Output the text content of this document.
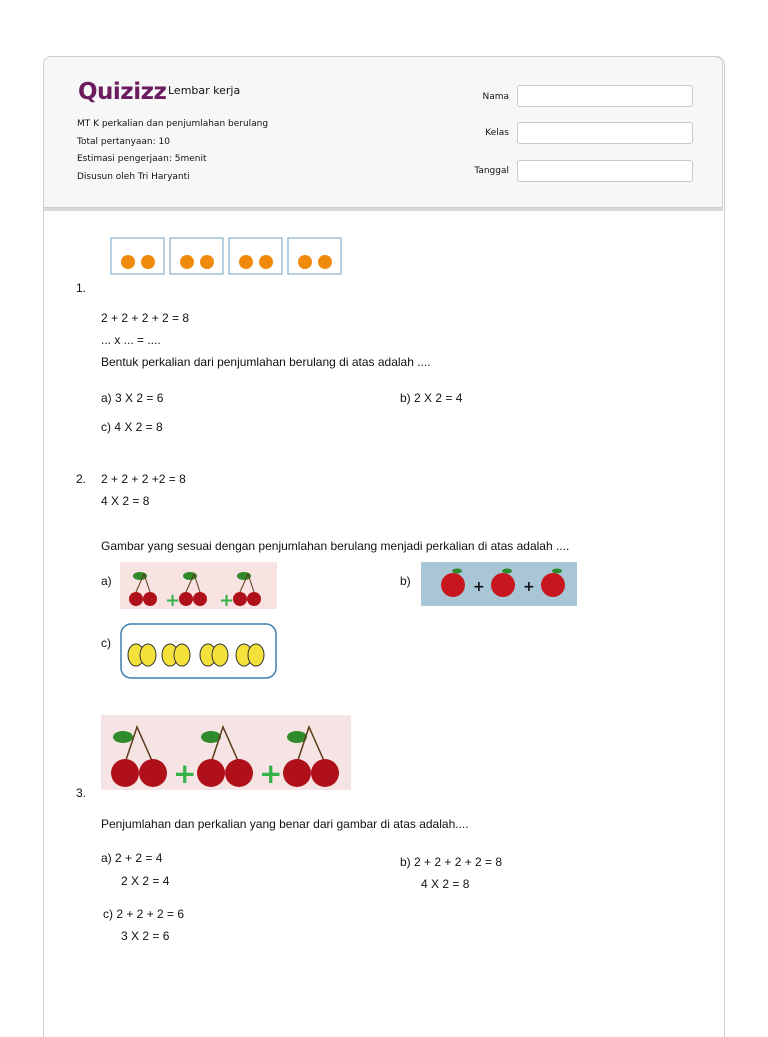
Quizizz Lembar kerja
MT K perkalian dan penjumlahan berulang
Total pertanyaan: 10
Estimasi pengerjaan: 5menit
Disusun oleh Tri Haryanti
Nama
Kelas
Tanggal
1.
2 + 2 + 2 + 2 = 8
... x ... = ....
Bentuk perkalian dari penjumlahan berulang di atas adalah ....
a) 3 X 2 = 6	b) 2 X 2 = 4
c) 4 X 2 = 8
2. 2 + 2 + 2 +2 = 8
4 X 2 = 8
Gambar yang sesuai dengan penjumlahan berulang menjadi perkalian di atas adalah ....
a)
+ +
b)	+	+
c)
+ +
3.
Penjumlahan dan perkalian yang benar dari gambar di atas adalah....
a) 2 + 2 = 4
2 X 2 = 4
b) 2 + 2 + 2 + 2 = 8
4 X 2 = 8
c) 2 + 2 + 2 = 6
3 X 2 = 6
